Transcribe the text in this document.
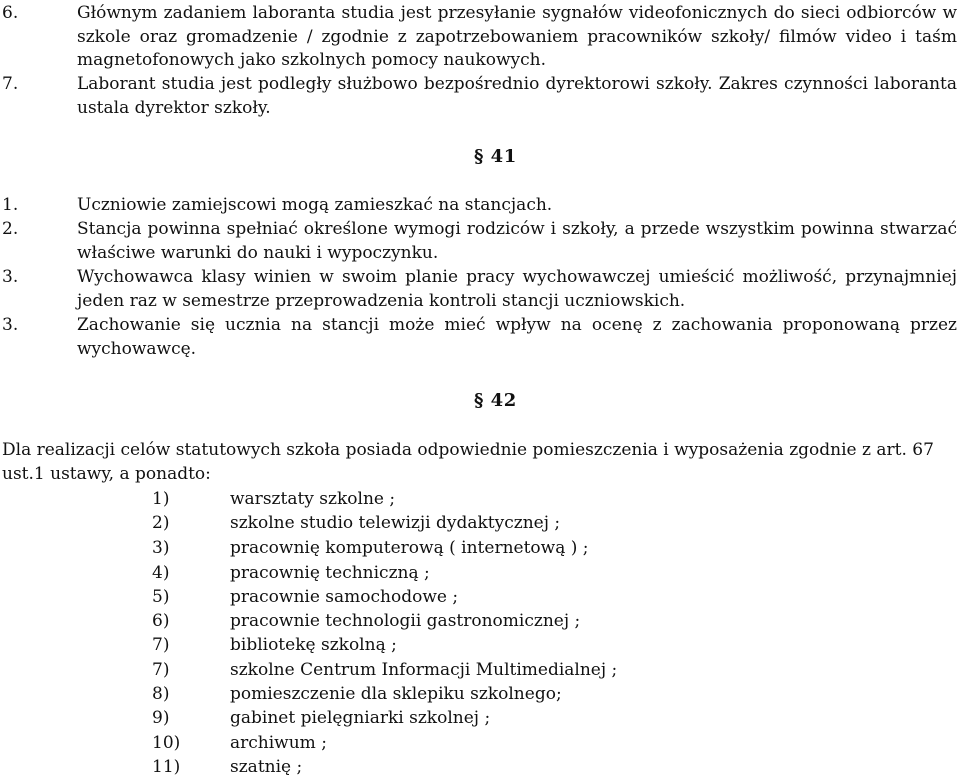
6.	Głównym zadaniem laboranta studia jest przesyłanie sygnałów videofonicznych do sieci odbiorców w szkole oraz gromadzenie / zgodnie z zapotrzebowaniem pracowników szkoły/ filmów video i taśm magnetofonowych jako szkolnych pomocy naukowych.
7.	Laborant studia jest podległy służbowo bezpośrednio dyrektorowi szkoły. Zakres czynności laboranta ustala dyrektor szkoły.
§ 41
1.	Uczniowie zamiejscowi mogą zamieszkać na stancjach.
2.	Stancja powinna spełniać określone wymogi rodziców i szkoły, a przede wszystkim powinna stwarzać właściwe warunki do nauki i wypoczynku.
3.	Wychowawca klasy winien w swoim planie pracy wychowawczej umieścić możliwość, przynajmniej jeden raz w semestrze przeprowadzenia kontroli stancji uczniowskich.
3.	Zachowanie się ucznia na stancji może mieć wpływ na ocenę z zachowania proponowaną przez wychowawcę.
§ 42
Dla realizacji celów statutowych szkoła posiada odpowiednie pomieszczenia i wyposażenia zgodnie z art. 67 ust.1 ustawy, a ponadto:
1)	warsztaty szkolne ;
2)	szkolne studio telewizji dydaktycznej ;
3)	pracownię komputerową ( internetową ) ;
4)	pracownię techniczną ;
5)	pracownie samochodowe ;
6)	pracownie technologii gastronomicznej ;
7)	bibliotekę szkolną ;
7)	szkolne Centrum Informacji Multimedialnej ;
8)	pomieszczenie dla sklepiku szkolnego;
9)	gabinet pielęgniarki szkolnej ;
10)	archiwum ;
11)	szatnię ;
